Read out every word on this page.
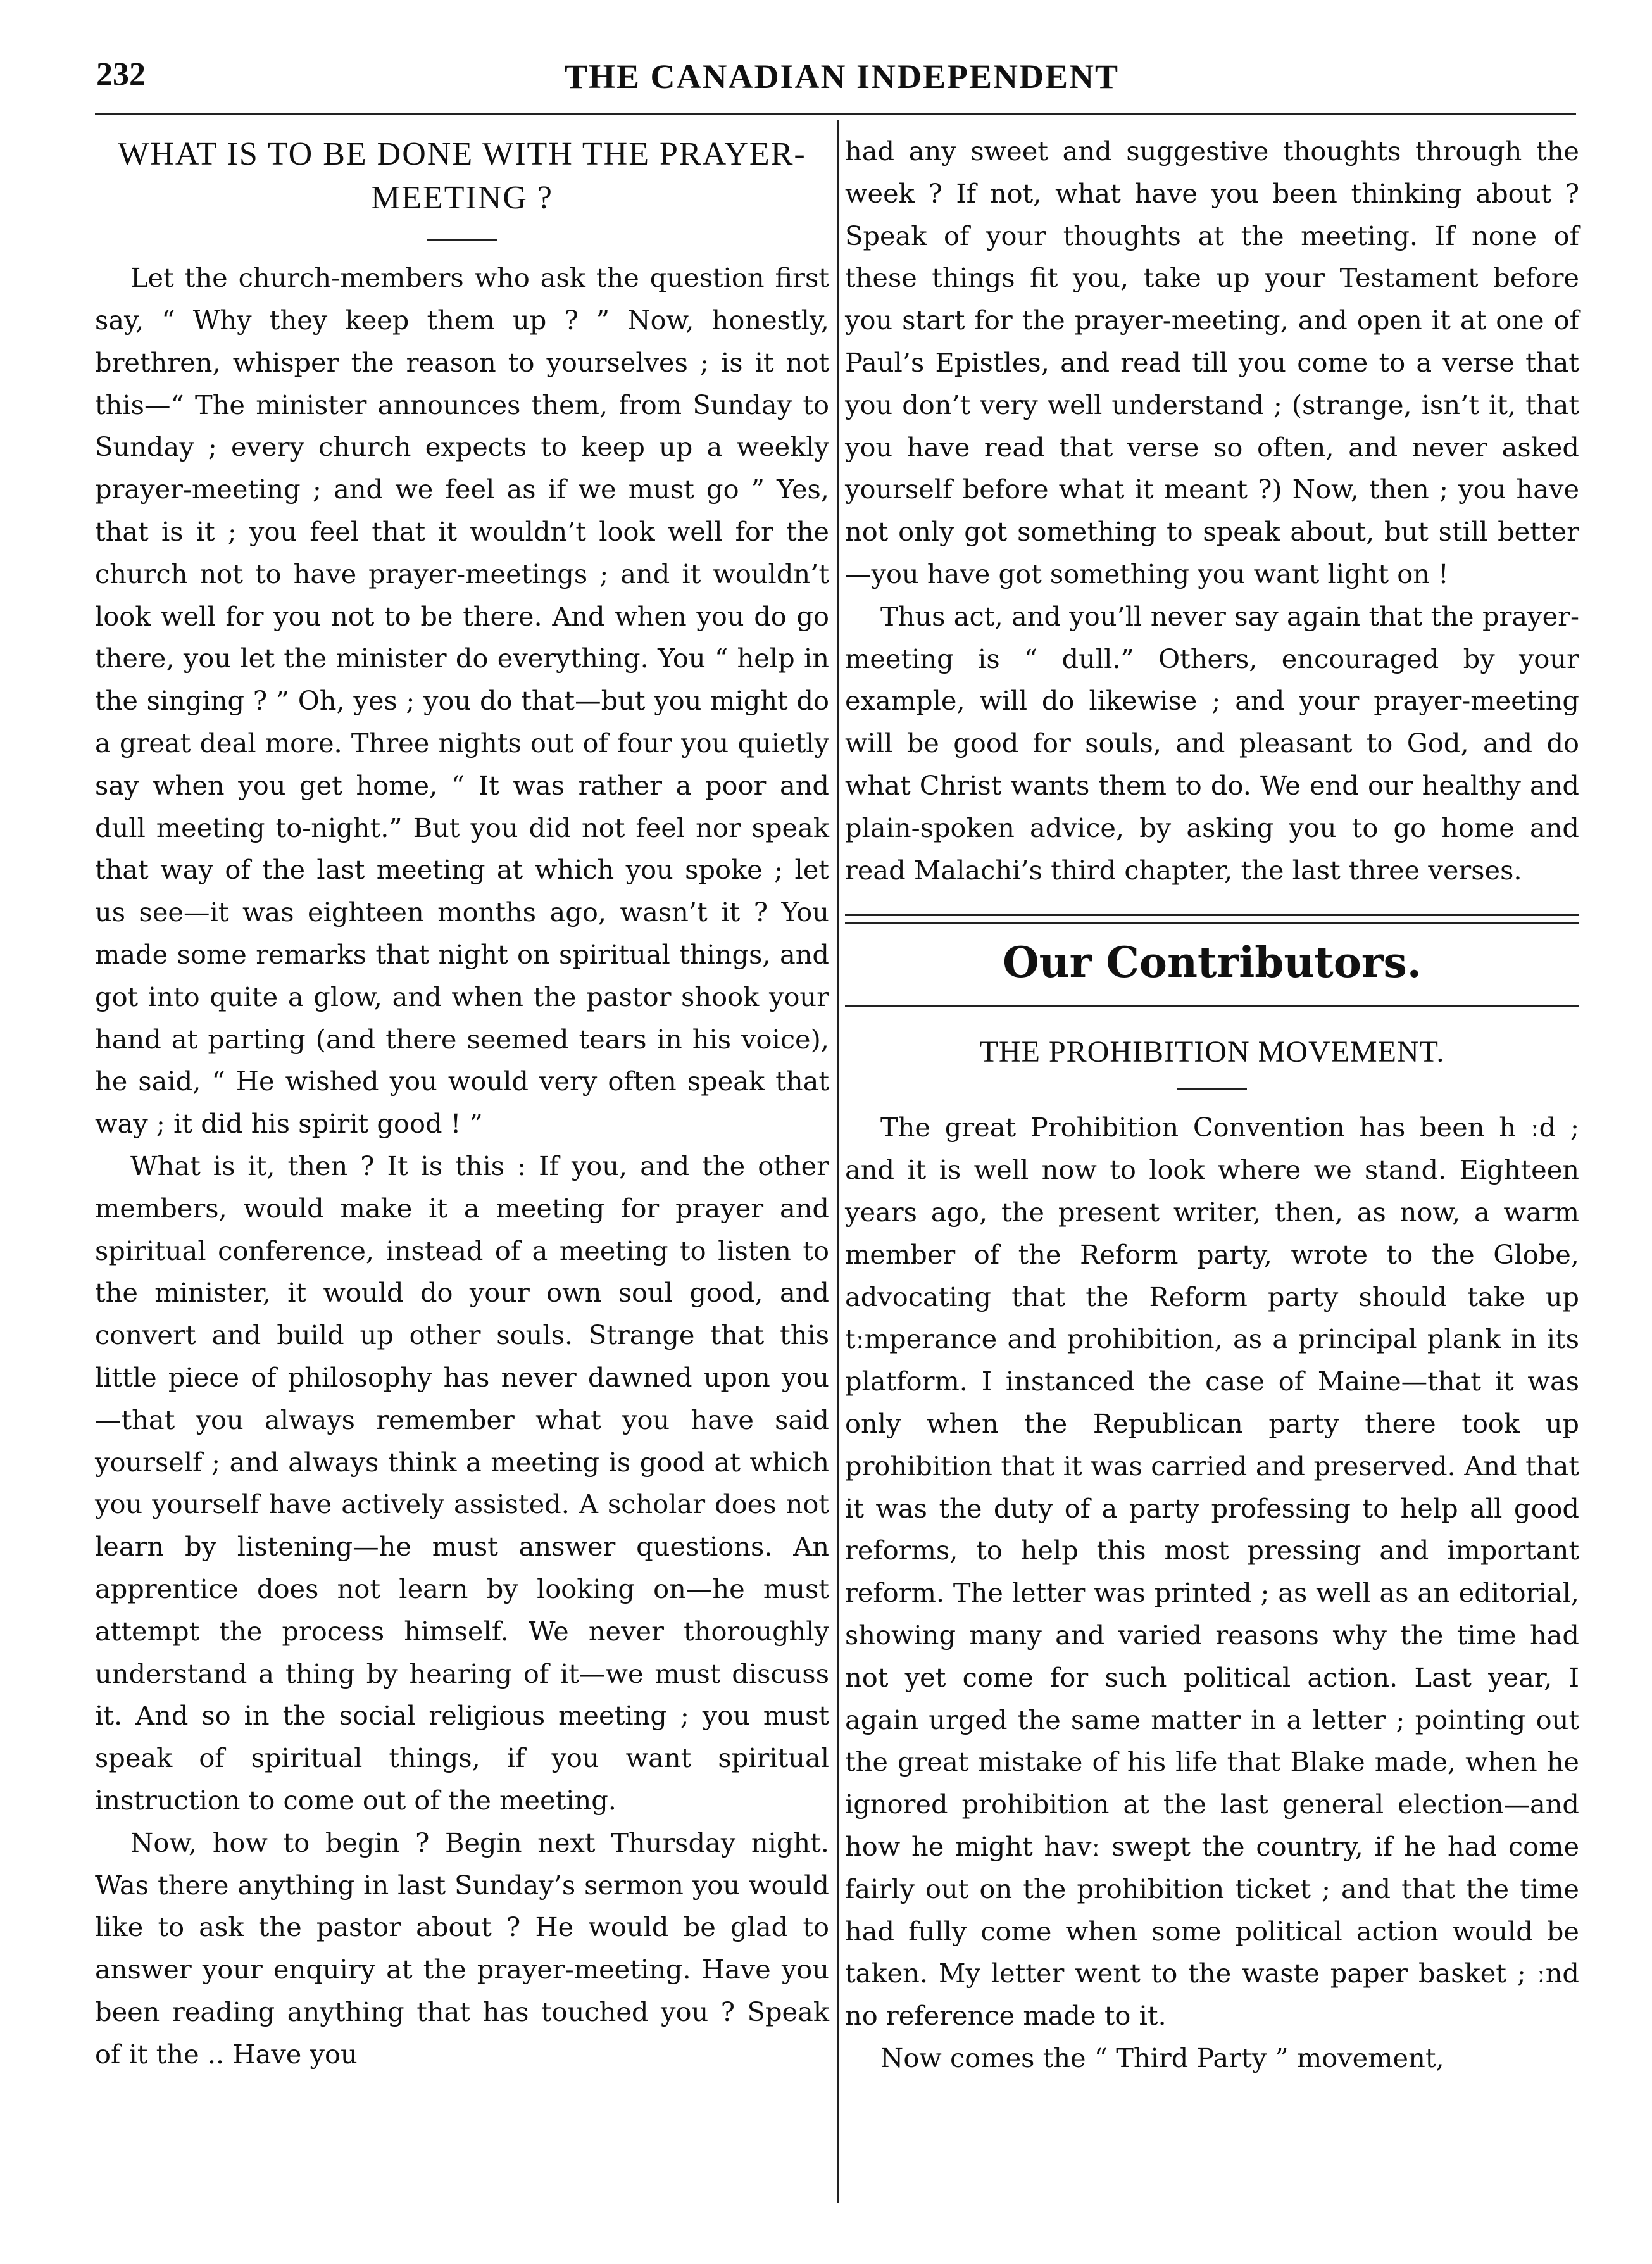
232	THE CANADIAN INDEPENDENT
WHAT IS TO BE DONE WITH THE PRAYER-MEETING ?

Let the church-members who ask the question first say, “ Why they keep them up ? ” Now, honestly, brethren, whisper the reason to yourselves ; is it not this—“ The minister announces them, from Sunday to Sunday ; every church expects to keep up a weekly prayer-meeting ; and we feel as if we must go ” Yes, that is it ; you feel that it wouldn’t look well for the church not to have prayer-meetings ; and it wouldn’t look well for you not to be there. And when you do go there, you let the minister do everything. You “ help in the singing ? ” Oh, yes ; you do that—but you might do a great deal more. Three nights out of four you quietly say when you get home, “ It was rather a poor and dull meeting to-night.” But you did not feel nor speak that way of the last meeting at which you spoke ; let us see—it was eighteen months ago, wasn’t it ? You made some remarks that night on spiritual things, and got into quite a glow, and when the pastor shook your hand at parting (and there seemed tears in his voice), he said, “ He wished you would very often speak that way ; it did his spirit good ! ”

What is it, then ? It is this : If you, and the other members, would make it a meeting for prayer and spiritual conference, instead of a meeting to listen to the minister, it would do your own soul good, and convert and build up other souls. Strange that this little piece of philosophy has never dawned upon you—that you always remember what you have said yourself ; and always think a meeting is good at which you yourself have actively assisted. A scholar does not learn by listening—he must answer questions. An apprentice does not learn by looking on—he must attempt the process himself. We never thoroughly understand a thing by hearing of it—we must discuss it. And so in the social religious meeting ; you must speak of spiritual things, if you want spiritual instruction to come out of the meeting.

Now, how to begin ? Begin next Thursday night. Was there anything in last Sunday’s sermon you would like to ask the pastor about ? He would be glad to answer your enquiry at the prayer-meeting. Have you been reading anything that has touched you ? Speak of it the .. Have you

had any sweet and suggestive thoughts through the week ? If not, what have you been thinking about ? Speak of your thoughts at the meeting. If none of these things fit you, take up your Testament before you start for the prayer-meeting, and open it at one of Paul’s Epistles, and read till you come to a verse that you don’t very well understand ; (strange, isn’t it, that you have read that verse so often, and never asked yourself before what it meant ?) Now, then ; you have not only got something to speak about, but still better—you have got something you want light on !

Thus act, and you’ll never say again that the prayer-meeting is “ dull.” Others, encouraged by your example, will do likewise ; and your prayer-meeting will be good for souls, and pleasant to God, and do what Christ wants them to do. We end our healthy and plain-spoken advice, by asking you to go home and read Malachi’s third chapter, the last three verses.

Our Contributors.
THE PROHIBITION MOVEMENT.

The great Prohibition Convention has been h ːd ; and it is well now to look where we stand. Eighteen years ago, the present writer, then, as now, a warm member of the Reform party, wrote to the Globe, advocating that the Reform party should take up tːmperance and prohibition, as a principal plank in its platform. I instanced the case of Maine—that it was only when the Republican party there took up prohibition that it was carried and preserved. And that it was the duty of a party professing to help all good reforms, to help this most pressing and important reform. The letter was printed ; as well as an editorial, showing many and varied reasons why the time had not yet come for such political action. Last year, I again urged the same matter in a letter ; pointing out the great mistake of his life that Blake made, when he ignored prohibition at the last general election—and how he might havː swept the country, if he had come fairly out on the prohibition ticket ; and that the time had fully come when some political action would be taken. My letter went to the waste paper basket ; ːnd no reference made to it.

Now comes the “ Third Party ” movement,
